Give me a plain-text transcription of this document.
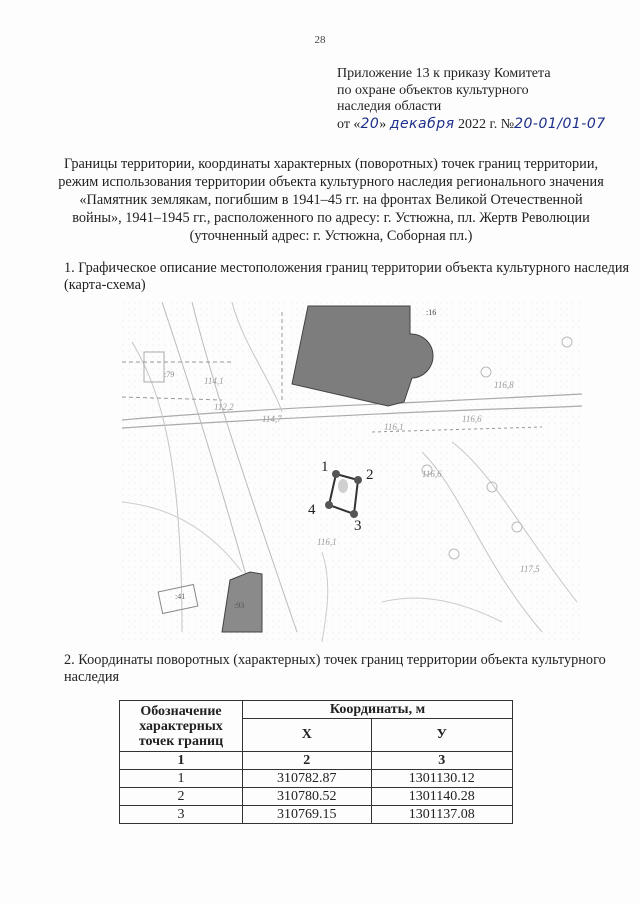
28
Приложение 13 к приказу Комитета
по охране объектов культурного
наследия области
от «20» декабря 2022 г. №20-01/01-07
Границы территории, координаты характерных (поворотных) точек границ территории, режим использования территории объекта культурного наследия регионального значения «Памятник землякам, погибшим в 1941–45 гг. на фронтах Великой Отечественной войны», 1941–1945 гг., расположенного по адресу: г. Устюжна, пл. Жертв Революции (уточненный адрес: г. Устюжна, Соборная пл.)
1. Графическое описание местоположения границ территории объекта культурного наследия (карта-схема)
:16
:79
:41
:93
116,8
116,6
116,1
114,7
116,6
116,1
117,5
114,1
112,2
1	2
3
4
2. Координаты поворотных (характерных) точек границ территории объекта культурного наследия
Обозначение
характерных
точек границ	Координаты, м	
	X	У
1	2	3
1	310782.87	1301130.12
2	310780.52	1301140.28
3	310769.15	1301137.08
